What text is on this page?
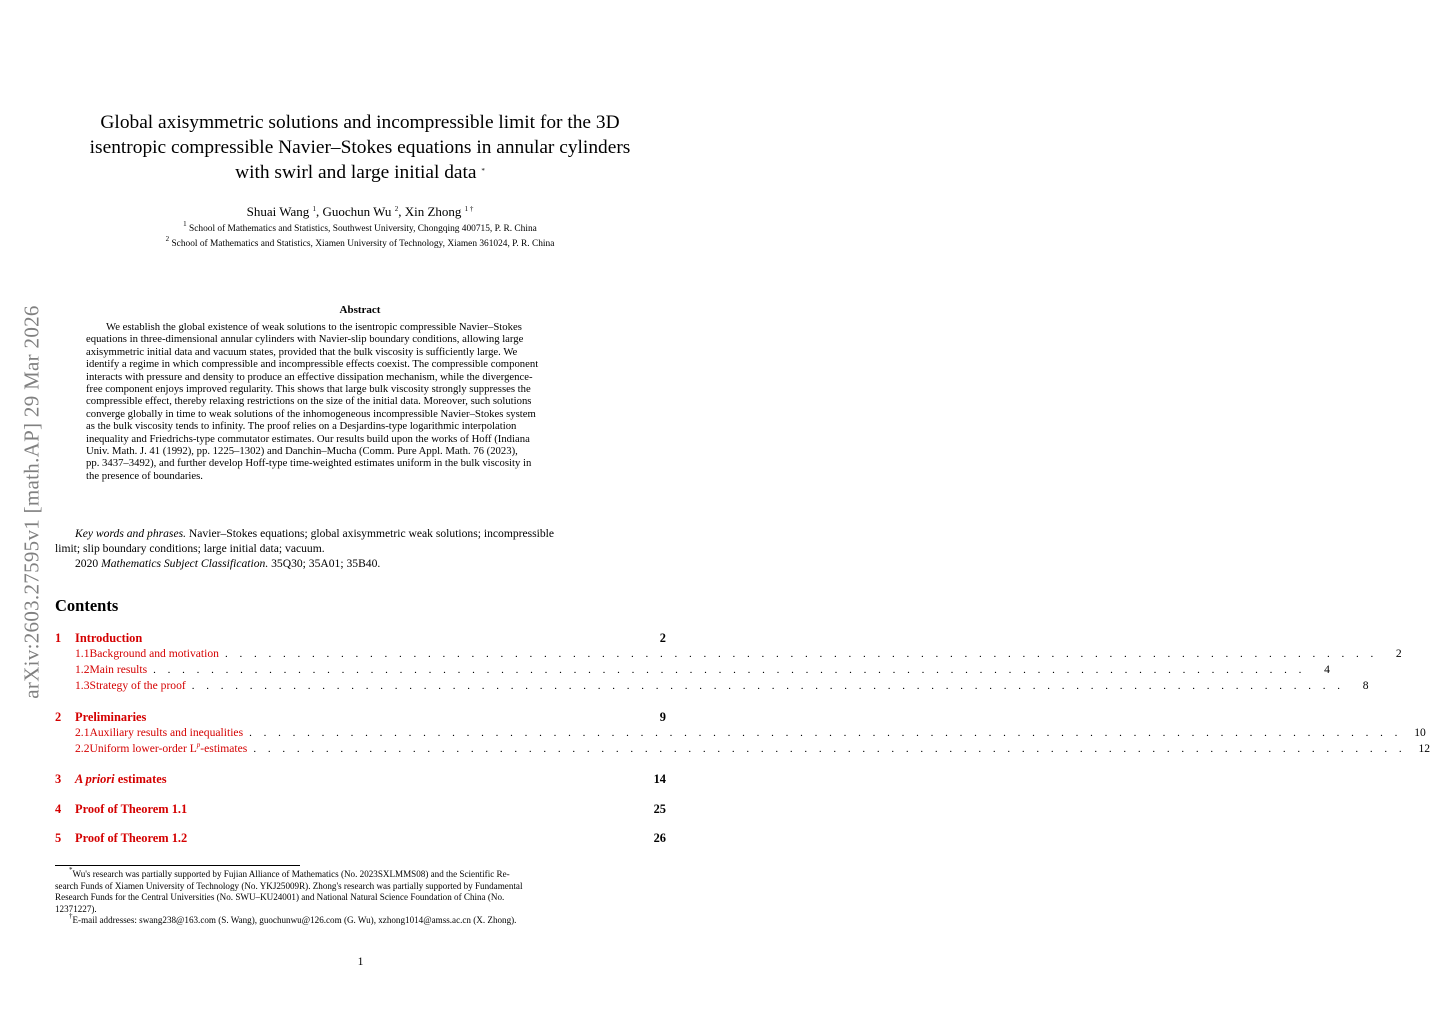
arXiv:2603.27595v1 [math.AP] 29 Mar 2026
Global axisymmetric solutions and incompressible limit for the 3D
isentropic compressible Navier–Stokes equations in annular cylinders
with swirl and large initial data *
Shuai Wang $^1$, Guochun Wu $^2$, Xin Zhong $^{1 \dagger}$
$^1$ School of Mathematics and Statistics, Southwest University, Chongqing 400715, P. R. China
$^2$ School of Mathematics and Statistics, Xiamen University of Technology, Xiamen 361024, P. R. China
Abstract
We establish the global existence of weak solutions to the isentropic compressible Navier–Stokes
equations in three-dimensional annular cylinders with Navier-slip boundary conditions, allowing large
axisymmetric initial data and vacuum states, provided that the bulk viscosity is sufficiently large. We
identify a regime in which compressible and incompressible effects coexist. The compressible component
interacts with pressure and density to produce an effective dissipation mechanism, while the divergence-
free component enjoys improved regularity. This shows that large bulk viscosity strongly suppresses the
compressible effect, thereby relaxing restrictions on the size of the initial data. Moreover, such solutions
converge globally in time to weak solutions of the inhomogeneous incompressible Navier–Stokes system
as the bulk viscosity tends to infinity. The proof relies on a Desjardins-type logarithmic interpolation
inequality and Friedrichs-type commutator estimates. Our results build upon the works of Hoff (Indiana
Univ. Math. J. 41 (1992), pp. 1225–1302) and Danchin–Mucha (Comm. Pure Appl. Math. 76 (2023),
pp. 3437–3492), and further develop Hoff-type time-weighted estimates uniform in the bulk viscosity in
the presence of boundaries.
Key words and phrases. Navier–Stokes equations; global axisymmetric weak solutions; incompressible
limit; slip boundary conditions; large initial data; vacuum.
2020 Mathematics Subject Classification. 35Q30; 35A01; 35B40.
Contents
1	Introduction	2
1.1 Background and motivation . . . . . . . . . . . . . . . . . . . . . . . . . . . . . . . . . . . . . . . . . . . . . . . . . . . . . . . . . . . . . . . . . . . . . . . . . . . . . . . .	2
1.2 Main results . . . . . . . . . . . . . . . . . . . . . . . . . . . . . . . . . . . . . . . . . . . . . . . . . . . . . . . . . . . . . . . . . . . . . . . . . . . . . . . .	4
1.3 Strategy of the proof . . . . . . . . . . . . . . . . . . . . . . . . . . . . . . . . . . . . . . . . . . . . . . . . . . . . . . . . . . . . . . . . . . . . . . . . . . . . . . . .	8
2	Preliminaries	9
2.1 Auxiliary results and inequalities . . . . . . . . . . . . . . . . . . . . . . . . . . . . . . . . . . . . . . . . . . . . . . . . . . . . . . . . . . . . . . . . . . . . . . . . . . . . . . . .	10
2.2 Uniform lower-order $L^p$-estimates . . . . . . . . . . . . . . . . . . . . . . . . . . . . . . . . . . . . . . . . . . . . . . . . . . . . . . . . . . . . . . . . . . . . . . . . . . . . . . . .	12
3	A priori estimates	14
4	Proof of Theorem 1.1	25
5	Proof of Theorem 1.2	26
*Wu's research was partially supported by Fujian Alliance of Mathematics (No. 2023SXLMMS08) and the Scientific Re-
search Funds of Xiamen University of Technology (No. YKJ25009R). Zhong's research was partially supported by Fundamental
Research Funds for the Central Universities (No. SWU–KU24001) and National Natural Science Foundation of China (No.
12371227).
†E-mail addresses: swang238@163.com (S. Wang), guochunwu@126.com (G. Wu), xzhong1014@amss.ac.cn (X. Zhong).
1
